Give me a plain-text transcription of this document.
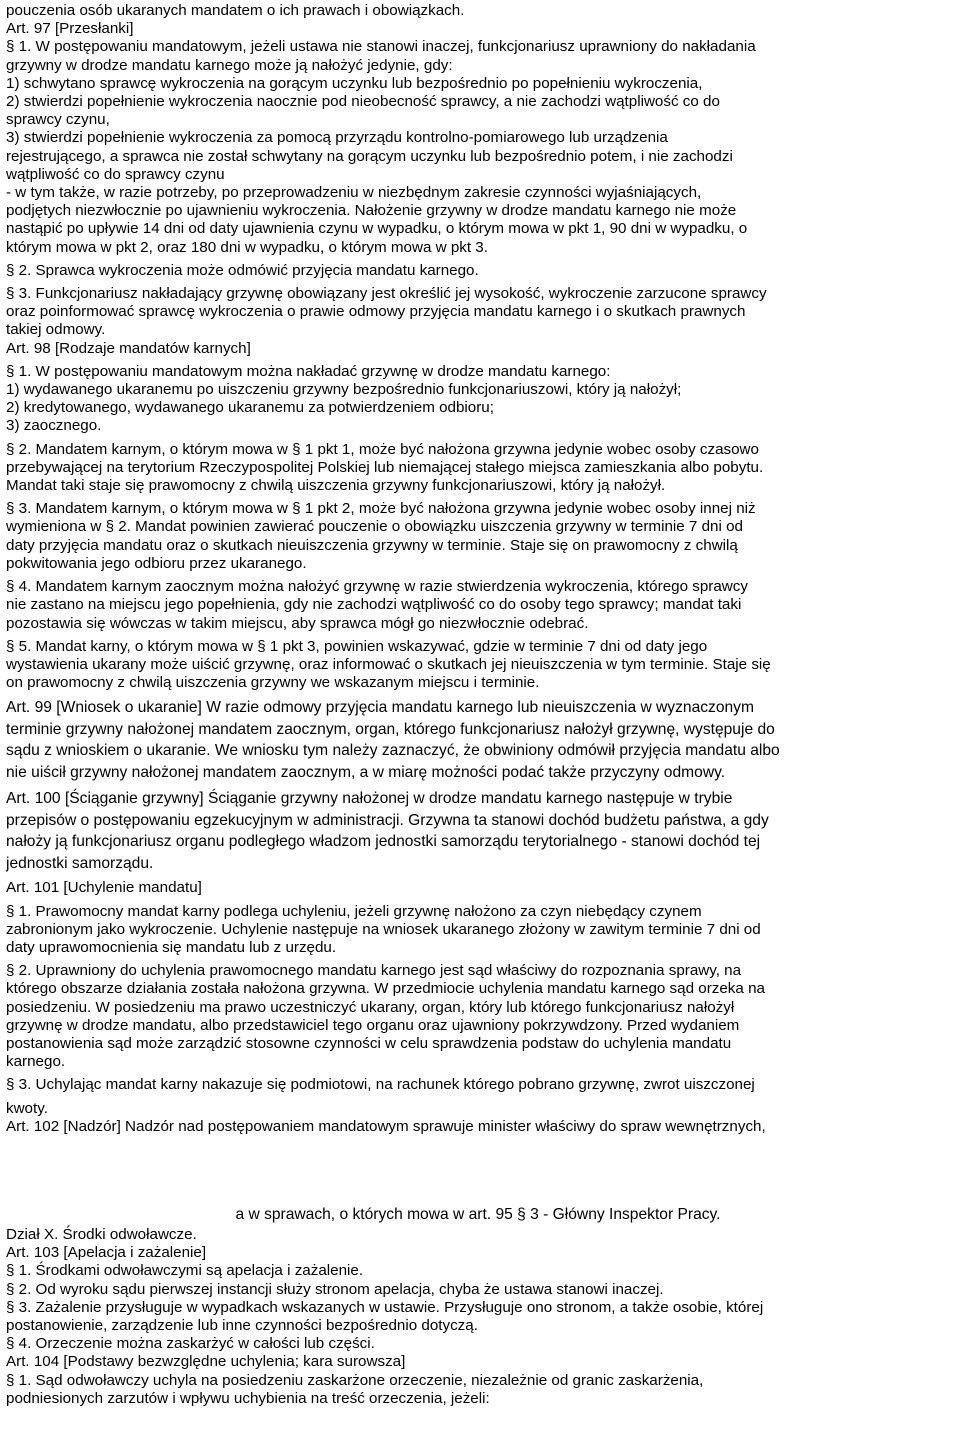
pouczenia osób ukaranych mandatem o ich prawach i obowiązkach.
Art. 97 [Przesłanki]
§ 1. W postępowaniu mandatowym, jeżeli ustawa nie stanowi inaczej, funkcjonariusz uprawniony do nakładania
grzywny w drodze mandatu karnego może ją nałożyć jedynie, gdy:
1) schwytano sprawcę wykroczenia na gorącym uczynku lub bezpośrednio po popełnieniu wykroczenia,
2) stwierdzi popełnienie wykroczenia naocznie pod nieobecność sprawcy, a nie zachodzi wątpliwość co do
sprawcy czynu,
3) stwierdzi popełnienie wykroczenia za pomocą przyrządu kontrolno-pomiarowego lub urządzenia
rejestrującego, a sprawca nie został schwytany na gorącym uczynku lub bezpośrednio potem, i nie zachodzi
wątpliwość co do sprawcy czynu
- w tym także, w razie potrzeby, po przeprowadzeniu w niezbędnym zakresie czynności wyjaśniających,
podjętych niezwłocznie po ujawnieniu wykroczenia. Nałożenie grzywny w drodze mandatu karnego nie może
nastąpić po upływie 14 dni od daty ujawnienia czynu w wypadku, o którym mowa w pkt 1, 90 dni w wypadku, o
którym mowa w pkt 2, oraz 180 dni w wypadku, o którym mowa w pkt 3.
§ 2. Sprawca wykroczenia może odmówić przyjęcia mandatu karnego.
§ 3. Funkcjonariusz nakładający grzywnę obowiązany jest określić jej wysokość, wykroczenie zarzucone sprawcy
oraz poinformować sprawcę wykroczenia o prawie odmowy przyjęcia mandatu karnego i o skutkach prawnych
takiej odmowy.
Art. 98 [Rodzaje mandatów karnych]
§ 1. W postępowaniu mandatowym można nakładać grzywnę w drodze mandatu karnego:
1) wydawanego ukaranemu po uiszczeniu grzywny bezpośrednio funkcjonariuszowi, który ją nałożył;
2) kredytowanego, wydawanego ukaranemu za potwierdzeniem odbioru;
3) zaocznego.
§ 2. Mandatem karnym, o którym mowa w § 1 pkt 1, może być nałożona grzywna jedynie wobec osoby czasowo
przebywającej na terytorium Rzeczypospolitej Polskiej lub niemającej stałego miejsca zamieszkania albo pobytu.
Mandat taki staje się prawomocny z chwilą uiszczenia grzywny funkcjonariuszowi, który ją nałożył.
§ 3. Mandatem karnym, o którym mowa w § 1 pkt 2, może być nałożona grzywna jedynie wobec osoby innej niż
wymieniona w § 2. Mandat powinien zawierać pouczenie o obowiązku uiszczenia grzywny w terminie 7 dni od
daty przyjęcia mandatu oraz o skutkach nieuiszczenia grzywny w terminie. Staje się on prawomocny z chwilą
pokwitowania jego odbioru przez ukaranego.
§ 4. Mandatem karnym zaocznym można nałożyć grzywnę w razie stwierdzenia wykroczenia, którego sprawcy
nie zastano na miejscu jego popełnienia, gdy nie zachodzi wątpliwość co do osoby tego sprawcy; mandat taki
pozostawia się wówczas w takim miejscu, aby sprawca mógł go niezwłocznie odebrać.
§ 5. Mandat karny, o którym mowa w § 1 pkt 3, powinien wskazywać, gdzie w terminie 7 dni od daty jego
wystawienia ukarany może uiścić grzywnę, oraz informować o skutkach jej nieuiszczenia w tym terminie. Staje się
on prawomocny z chwilą uiszczenia grzywny we wskazanym miejscu i terminie.
Art. 99 [Wniosek o ukaranie] W razie odmowy przyjęcia mandatu karnego lub nieuiszczenia w wyznaczonym
terminie grzywny nałożonej mandatem zaocznym, organ, którego funkcjonariusz nałożył grzywnę, występuje do
sądu z wnioskiem o ukaranie. We wniosku tym należy zaznaczyć, że obwiniony odmówił przyjęcia mandatu albo
nie uiścił grzywny nałożonej mandatem zaocznym, a w miarę możności podać także przyczyny odmowy.
Art. 100 [Ściąganie grzywny] Ściąganie grzywny nałożonej w drodze mandatu karnego następuje w trybie
przepisów o postępowaniu egzekucyjnym w administracji. Grzywna ta stanowi dochód budżetu państwa, a gdy
nałoży ją funkcjonariusz organu podległego władzom jednostki samorządu terytorialnego - stanowi dochód tej
jednostki samorządu.
Art. 101 [Uchylenie mandatu]
§ 1. Prawomocny mandat karny podlega uchyleniu, jeżeli grzywnę nałożono za czyn niebędący czynem
zabronionym jako wykroczenie. Uchylenie następuje na wniosek ukaranego złożony w zawitym terminie 7 dni od
daty uprawomocnienia się mandatu lub z urzędu.
§ 2. Uprawniony do uchylenia prawomocnego mandatu karnego jest sąd właściwy do rozpoznania sprawy, na
którego obszarze działania została nałożona grzywna. W przedmiocie uchylenia mandatu karnego sąd orzeka na
posiedzeniu. W posiedzeniu ma prawo uczestniczyć ukarany, organ, który lub którego funkcjonariusz nałożył
grzywnę w drodze mandatu, albo przedstawiciel tego organu oraz ujawniony pokrzywdzony. Przed wydaniem
postanowienia sąd może zarządzić stosowne czynności w celu sprawdzenia podstaw do uchylenia mandatu
karnego.
§ 3. Uchylając mandat karny nakazuje się podmiotowi, na rachunek którego pobrano grzywnę, zwrot uiszczonej
kwoty.
Art. 102 [Nadzór] Nadzór nad postępowaniem mandatowym sprawuje minister właściwy do spraw wewnętrznych,
a w sprawach, o których mowa w art. 95 § 3 - Główny Inspektor Pracy.
Dział X. Środki odwoławcze.
Art. 103 [Apelacja i zażalenie]
§ 1. Środkami odwoławczymi są apelacja i zażalenie.
§ 2. Od wyroku sądu pierwszej instancji służy stronom apelacja, chyba że ustawa stanowi inaczej.
§ 3. Zażalenie przysługuje w wypadkach wskazanych w ustawie. Przysługuje ono stronom, a także osobie, której
postanowienie, zarządzenie lub inne czynności bezpośrednio dotyczą.
§ 4. Orzeczenie można zaskarżyć w całości lub części.
Art. 104 [Podstawy bezwzględne uchylenia; kara surowsza]
§ 1. Sąd odwoławczy uchyla na posiedzeniu zaskarżone orzeczenie, niezależnie od granic zaskarżenia,
podniesionych zarzutów i wpływu uchybienia na treść orzeczenia, jeżeli:
